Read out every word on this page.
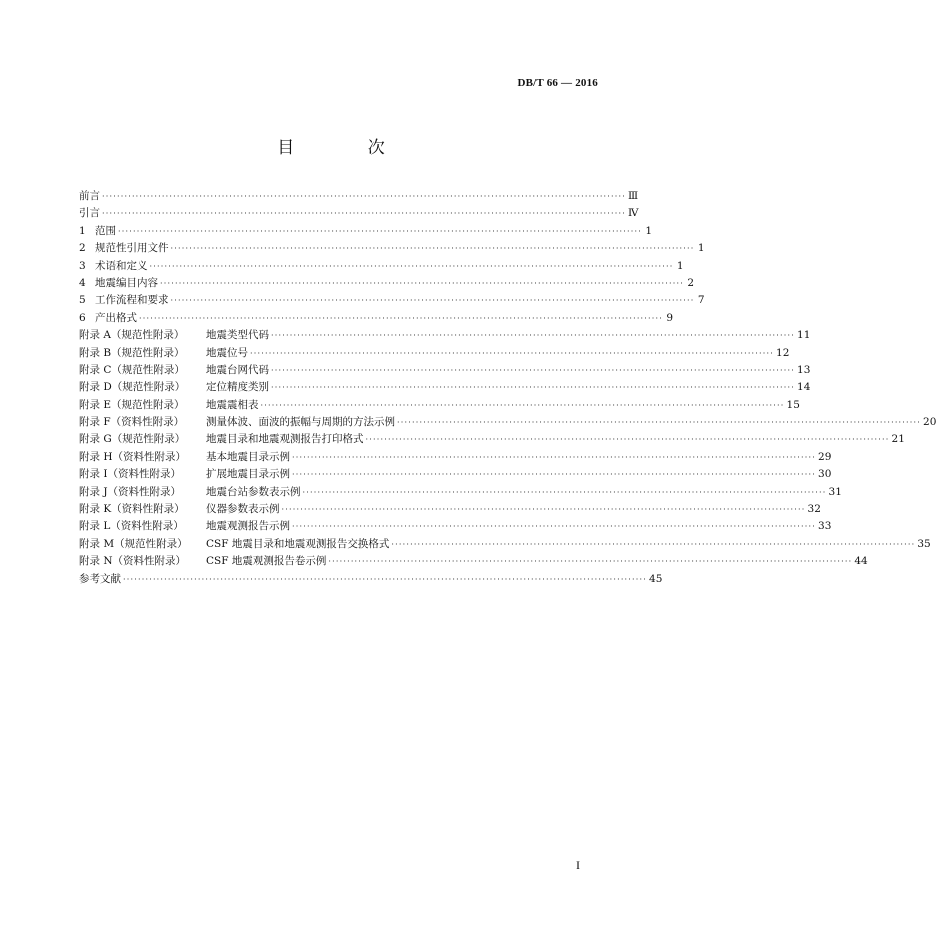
DB/T 66 — 2016
目 次
前言 ············································································································································ Ⅲ
引言 ············································································································································ Ⅳ
1 范围 ············································································································································ 1
2 规范性引用文件 ············································································································································ 1
3 术语和定义 ············································································································································ 1
4 地震编目内容 ············································································································································ 2
5 工作流程和要求 ············································································································································ 7
6 产出格式 ············································································································································ 9
附录 A（规范性附录） 地震类型代码 ············································································································································ 11
附录 B（规范性附录） 地震位号 ············································································································································ 12
附录 C（规范性附录） 地震台网代码 ············································································································································ 13
附录 D（规范性附录） 定位精度类别 ············································································································································ 14
附录 E（规范性附录） 地震震相表 ············································································································································ 15
附录 F（资料性附录） 测量体波、面波的振幅与周期的方法示例 ············································································································································ 20
附录 G（规范性附录） 地震目录和地震观测报告打印格式 ············································································································································ 21
附录 H（资料性附录） 基本地震目录示例 ············································································································································ 29
附录 I（资料性附录） 扩展地震目录示例 ············································································································································ 30
附录 J（资料性附录） 地震台站参数表示例 ············································································································································ 31
附录 K（资料性附录） 仪器参数表示例 ············································································································································ 32
附录 L（资料性附录） 地震观测报告示例 ············································································································································ 33
附录 M（规范性附录） CSF 地震目录和地震观测报告交换格式 ············································································································································ 35
附录 N（资料性附录） CSF 地震观测报告卷示例 ············································································································································ 44
参考文献 ············································································································································ 45
I
